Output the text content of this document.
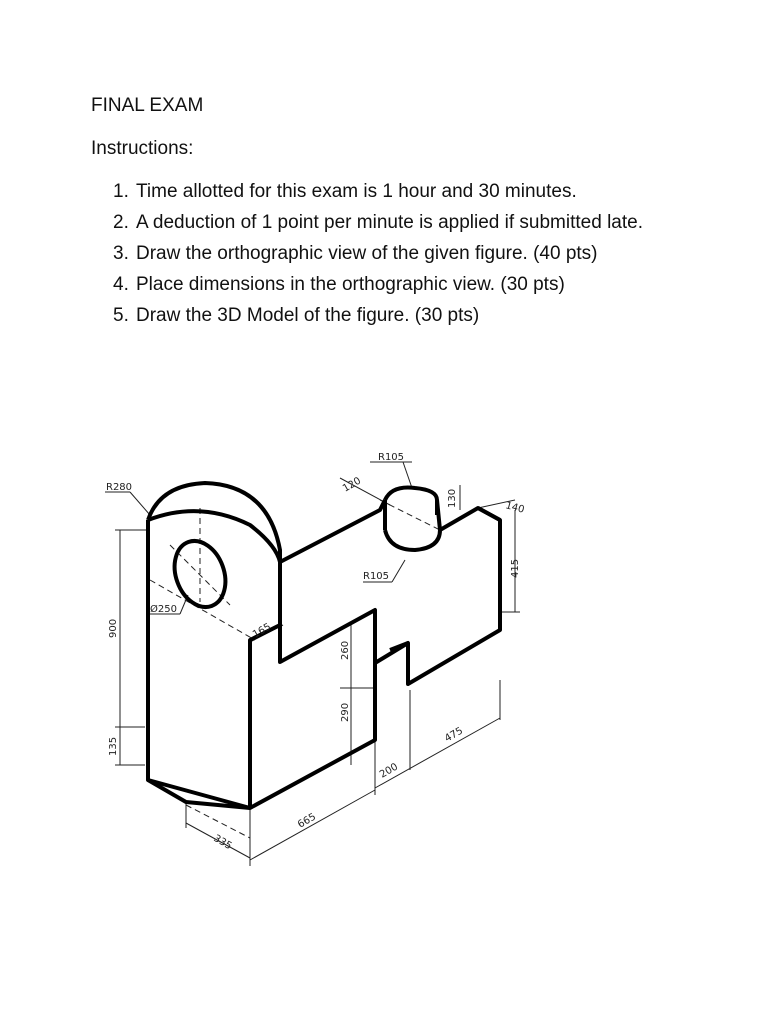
FINAL EXAM
Instructions:
1. Time allotted for this exam is 1 hour and 30 minutes.
2. A deduction of 1 point per minute is applied if submitted late.
3. Draw the orthographic view of the given figure. (40 pts)
4. Place dimensions in the orthographic view. (30 pts)
5. Draw the 3D Model of the figure. (30 pts)
R105
R280	120
130
140
415
R105
Ø250
165
900
260
290
135
475
200
665
335
